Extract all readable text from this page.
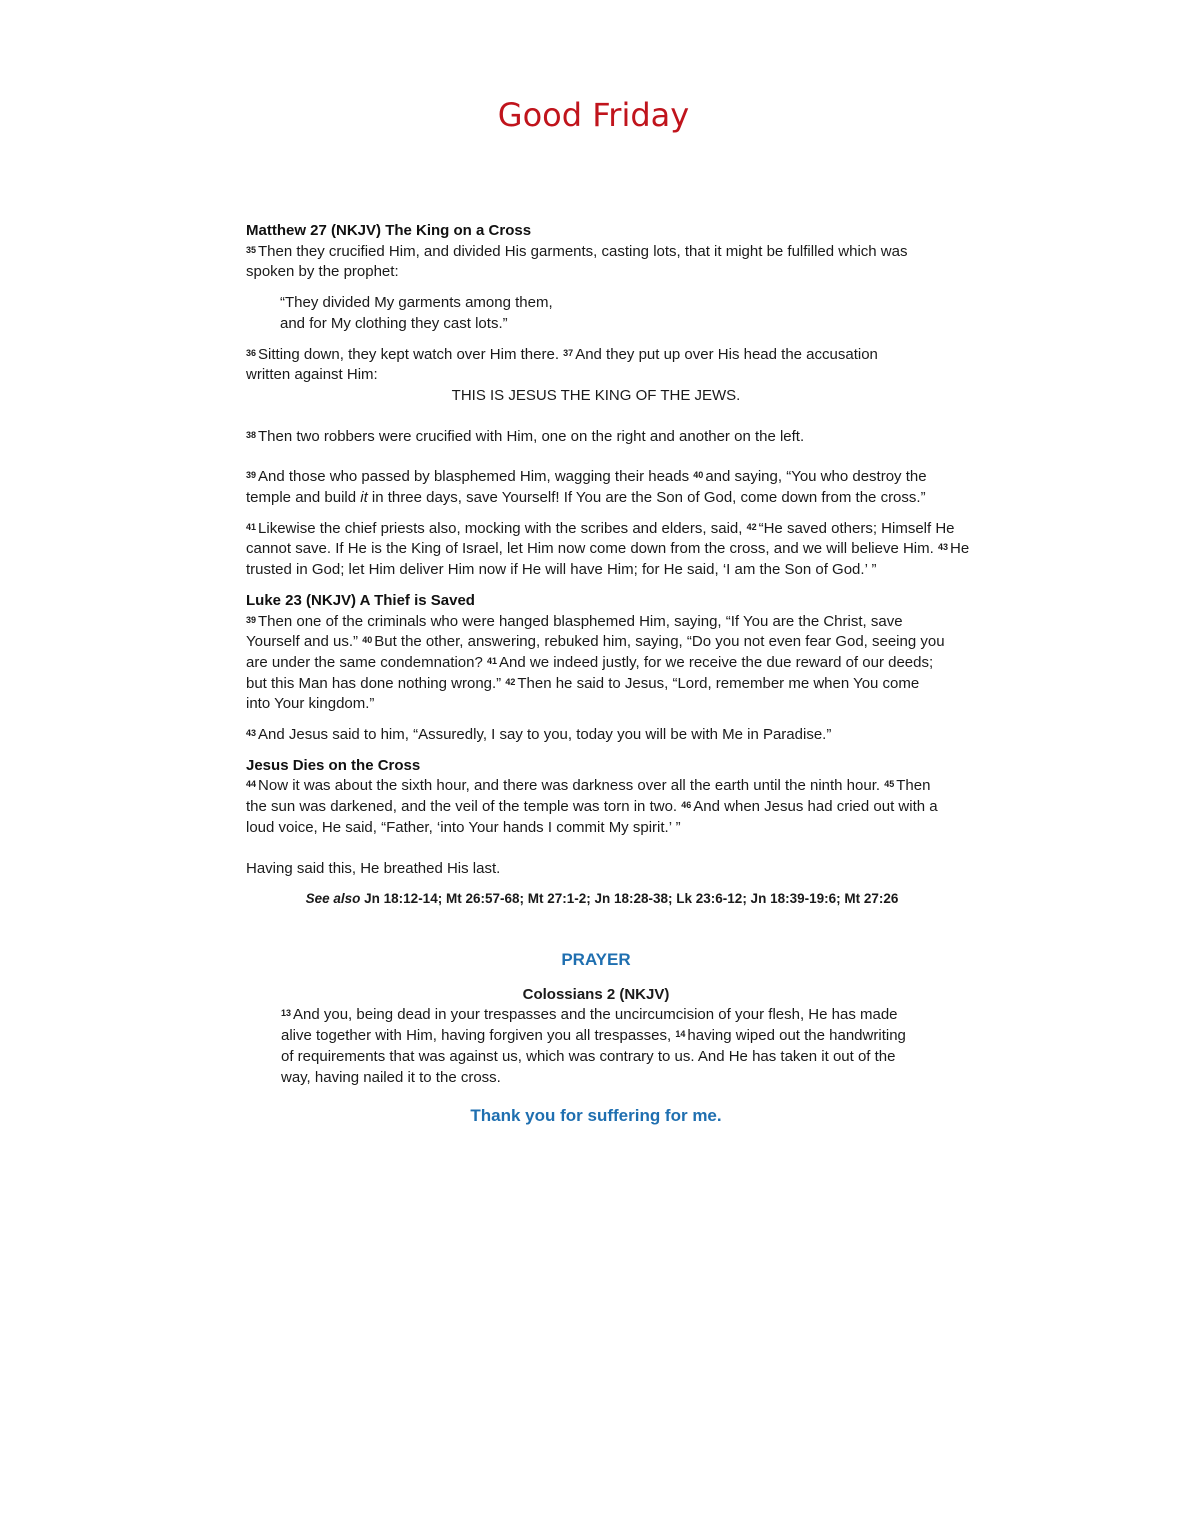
Good Friday

Matthew 27 (NKJV) The King on a Cross

$^{35}$ Then they crucified Him, and divided His garments, casting lots, that it might be fulfilled which was spoken by the prophet:

“They divided My garments among them,

and for My clothing they cast lots.”

$^{36}$ Sitting down, they kept watch over Him there. $^{37}$ And they put up over His head the accusation written against Him:

THIS IS JESUS THE KING OF THE JEWS.

$^{38}$ Then two robbers were crucified with Him, one on the right and another on the left.

$^{39}$ And those who passed by blasphemed Him, wagging their heads $^{40}$ and saying, “You who destroy the temple and build it in three days, save Yourself! If You are the Son of God, come down from the cross.”

$^{41}$ Likewise the chief priests also, mocking with the scribes and elders, said, $^{42}$ “He saved others; Himself He cannot save. If He is the King of Israel, let Him now come down from the cross, and we will believe Him. $^{43}$ He trusted in God; let Him deliver Him now if He will have Him; for He said, ‘I am the Son of God.’ ”

Luke 23 (NKJV) A Thief is Saved

$^{39}$ Then one of the criminals who were hanged blasphemed Him, saying, “If You are the Christ, save Yourself and us.” $^{40}$ But the other, answering, rebuked him, saying, “Do you not even fear God, seeing you are under the same condemnation? $^{41}$ And we indeed justly, for we receive the due reward of our deeds; but this Man has done nothing wrong.” $^{42}$ Then he said to Jesus, “Lord, remember me when You come into Your kingdom.”

$^{43}$ And Jesus said to him, “Assuredly, I say to you, today you will be with Me in Paradise.”

Jesus Dies on the Cross

$^{44}$ Now it was about the sixth hour, and there was darkness over all the earth until the ninth hour. $^{45}$ Then the sun was darkened, and the veil of the temple was torn in two. $^{46}$ And when Jesus had cried out with a loud voice, He said, “Father, ‘into Your hands I commit My spirit.’ ”

Having said this, He breathed His last.

See also Jn 18:12-14; Mt 26:57-68; Mt 27:1-2; Jn 18:28-38; Lk 23:6-12; Jn 18:39-19:6; Mt 27:26

PRAYER

Colossians 2 (NKJV)

$^{13}$ And you, being dead in your trespasses and the uncircumcision of your flesh, He has made alive together with Him, having forgiven you all trespasses, $^{14}$ having wiped out the handwriting of requirements that was against us, which was contrary to us. And He has taken it out of the way, having nailed it to the cross.

Thank you for suffering for me.
